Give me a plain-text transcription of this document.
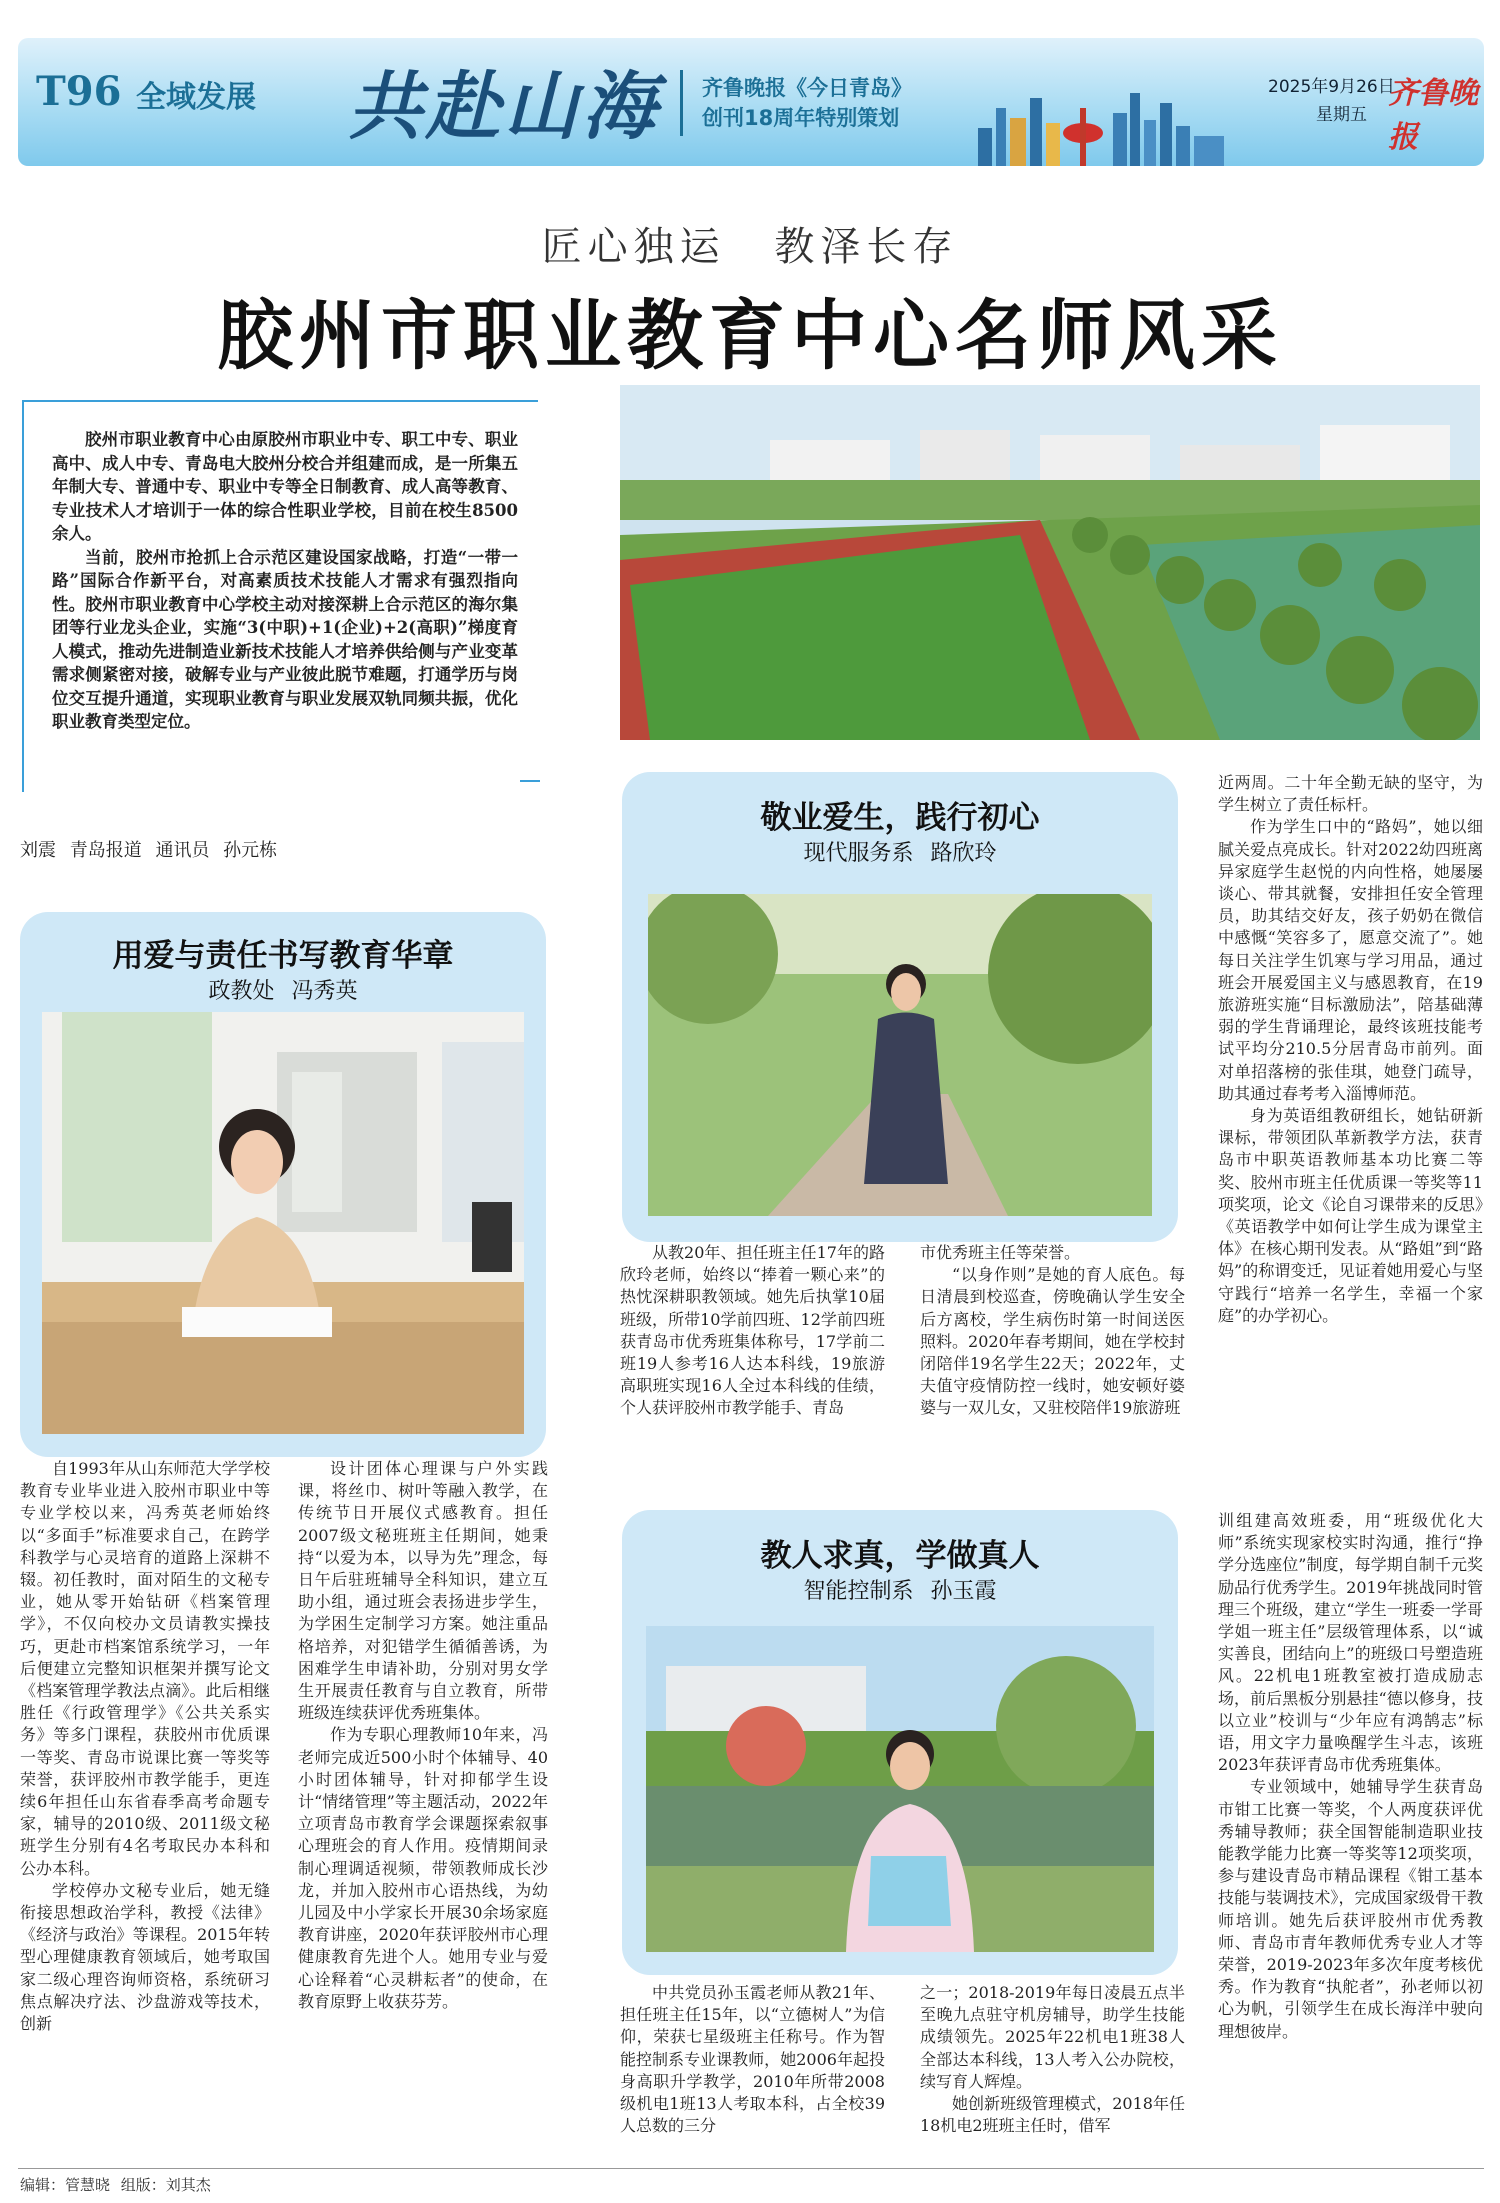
T96 全域发展 共赴山海 齐鲁晚报《今日青岛》
创刊18周年特别策划
2025年9月26日
星期五
齐鲁晚报
匠心独运 教泽长存
胶州市职业教育中心名师风采

胶州市职业教育中心由原胶州市职业中专、职工中专、职业高中、成人中专、青岛电大胶州分校合并组建而成，是一所集五年制大专、普通中专、职业中专等全日制教育、成人高等教育、专业技术人才培训于一体的综合性职业学校，目前在校生8500余人。

当前，胶州市抢抓上合示范区建设国家战略，打造“一带一路”国际合作新平台，对高素质技术技能人才需求有强烈指向性。胶州市职业教育中心学校主动对接深耕上合示范区的海尔集团等行业龙头企业，实施“3(中职)+1(企业)+2(高职)”梯度育人模式，推动先进制造业新技术技能人才培养供给侧与产业变革需求侧紧密对接，破解专业与产业彼此脱节难题，打通学历与岗位交互提升通道，实现职业教育与职业发展双轨同频共振，优化职业教育类型定位。

刘震 青岛报道 通讯员 孙元栋
用爱与责任书写教育华章
政教处 冯秀英

自1993年从山东师范大学学校教育专业毕业进入胶州市职业中等专业学校以来，冯秀英老师始终以“多面手”标准要求自己，在跨学科教学与心灵培育的道路上深耕不辍。初任教时，面对陌生的文秘专业，她从零开始钻研《档案管理学》，不仅向校办文员请教实操技巧，更赴市档案馆系统学习，一年后便建立完整知识框架并撰写论文《档案管理学教法点滴》。此后相继胜任《行政管理学》《公共关系实务》等多门课程，获胶州市优质课一等奖、青岛市说课比赛一等奖等荣誉，获评胶州市教学能手，更连续6年担任山东省春季高考命题专家，辅导的2010级、2011级文秘班学生分别有4名考取民办本科和公办本科。

学校停办文秘专业后，她无缝衔接思想政治学科，教授《法律》《经济与政治》等课程。2015年转型心理健康教育领域后，她考取国家二级心理咨询师资格，系统研习焦点解决疗法、沙盘游戏等技术，创新

设计团体心理课与户外实践课，将丝巾、树叶等融入教学，在传统节日开展仪式感教育。担任2007级文秘班班主任期间，她秉持“以爱为本，以导为先”理念，每日午后驻班辅导全科知识，建立互助小组，通过班会表扬进步学生，为学困生定制学习方案。她注重品格培养，对犯错学生循循善诱，为困难学生申请补助，分别对男女学生开展责任教育与自立教育，所带班级连续获评优秀班集体。

作为专职心理教师10年来，冯老师完成近500小时个体辅导、40小时团体辅导，针对抑郁学生设计“情绪管理”等主题活动，2022年立项青岛市教育学会课题探索叙事心理班会的育人作用。疫情期间录制心理调适视频，带领教师成长沙龙，并加入胶州市心语热线，为幼儿园及中小学家长开展30余场家庭教育讲座，2020年获评胶州市心理健康教育先进个人。她用专业与爱心诠释着“心灵耕耘者”的使命，在教育原野上收获芬芳。

敬业爱生，践行初心
现代服务系 路欣玲

从教20年、担任班主任17年的路欣玲老师，始终以“捧着一颗心来”的热忱深耕职教领域。她先后执掌10届班级，所带10学前四班、12学前四班获青岛市优秀班集体称号，17学前二班19人参考16人达本科线，19旅游高职班实现16人全过本科线的佳绩，个人获评胶州市教学能手、青岛

市优秀班主任等荣誉。

“以身作则”是她的育人底色。每日清晨到校巡查，傍晚确认学生安全后方离校，学生病伤时第一时间送医照料。2020年春考期间，她在学校封闭陪伴19名学生22天；2022年，丈夫值守疫情防控一线时，她安顿好婆婆与一双儿女，又驻校陪伴19旅游班

近两周。二十年全勤无缺的坚守，为学生树立了责任标杆。

作为学生口中的“路妈”，她以细腻关爱点亮成长。针对2022幼四班离异家庭学生赵悦的内向性格，她屡屡谈心、带其就餐，安排担任安全管理员，助其结交好友，孩子奶奶在微信中感慨“笑容多了，愿意交流了”。她每日关注学生饥寒与学习用品，通过班会开展爱国主义与感恩教育，在19旅游班实施“目标激励法”，陪基础薄弱的学生背诵理论，最终该班技能考试平均分210.5分居青岛市前列。面对单招落榜的张佳琪，她登门疏导，助其通过春考考入淄博师范。

身为英语组教研组长，她钻研新课标，带领团队革新教学方法，获青岛市中职英语教师基本功比赛二等奖、胶州市班主任优质课一等奖等11项奖项，论文《论自习课带来的反思》《英语教学中如何让学生成为课堂主体》在核心期刊发表。从“路姐”到“路妈”的称谓变迁，见证着她用爱心与坚守践行“培养一名学生，幸福一个家庭”的办学初心。

教人求真，学做真人
智能控制系 孙玉霞

中共党员孙玉霞老师从教21年、担任班主任15年，以“立德树人”为信仰，荣获七星级班主任称号。作为智能控制系专业课教师，她2006年起投身高职升学教学，2010年所带2008级机电1班13人考取本科，占全校39人总数的三分

之一；2018-2019年每日凌晨五点半至晚九点驻守机房辅导，助学生技能成绩领先。2025年22机电1班38人全部达本科线，13人考入公办院校，续写育人辉煌。

她创新班级管理模式，2018年任18机电2班班主任时，借军

训组建高效班委，用“班级优化大师”系统实现家校实时沟通，推行“挣学分选座位”制度，每学期自制千元奖励品行优秀学生。2019年挑战同时管理三个班级，建立“学生一班委一学哥学姐一班主任”层级管理体系，以“诚实善良，团结向上”的班级口号塑造班风。22机电1班教室被打造成励志场，前后黑板分别悬挂“德以修身，技以立业”校训与“少年应有鸿鹄志”标语，用文字力量唤醒学生斗志，该班2023年获评青岛市优秀班集体。

专业领域中，她辅导学生获青岛市钳工比赛一等奖，个人两度获评优秀辅导教师；获全国智能制造职业技能教学能力比赛一等奖等12项奖项，参与建设青岛市精品课程《钳工基本技能与装调技术》，完成国家级骨干教师培训。她先后获评胶州市优秀教师、青岛市青年教师优秀专业人才等荣誉，2019-2023年多次年度考核优秀。作为教育“执舵者”，孙老师以初心为帆，引领学生在成长海洋中驶向理想彼岸。

编辑：管慧晓 组版：刘其杰
